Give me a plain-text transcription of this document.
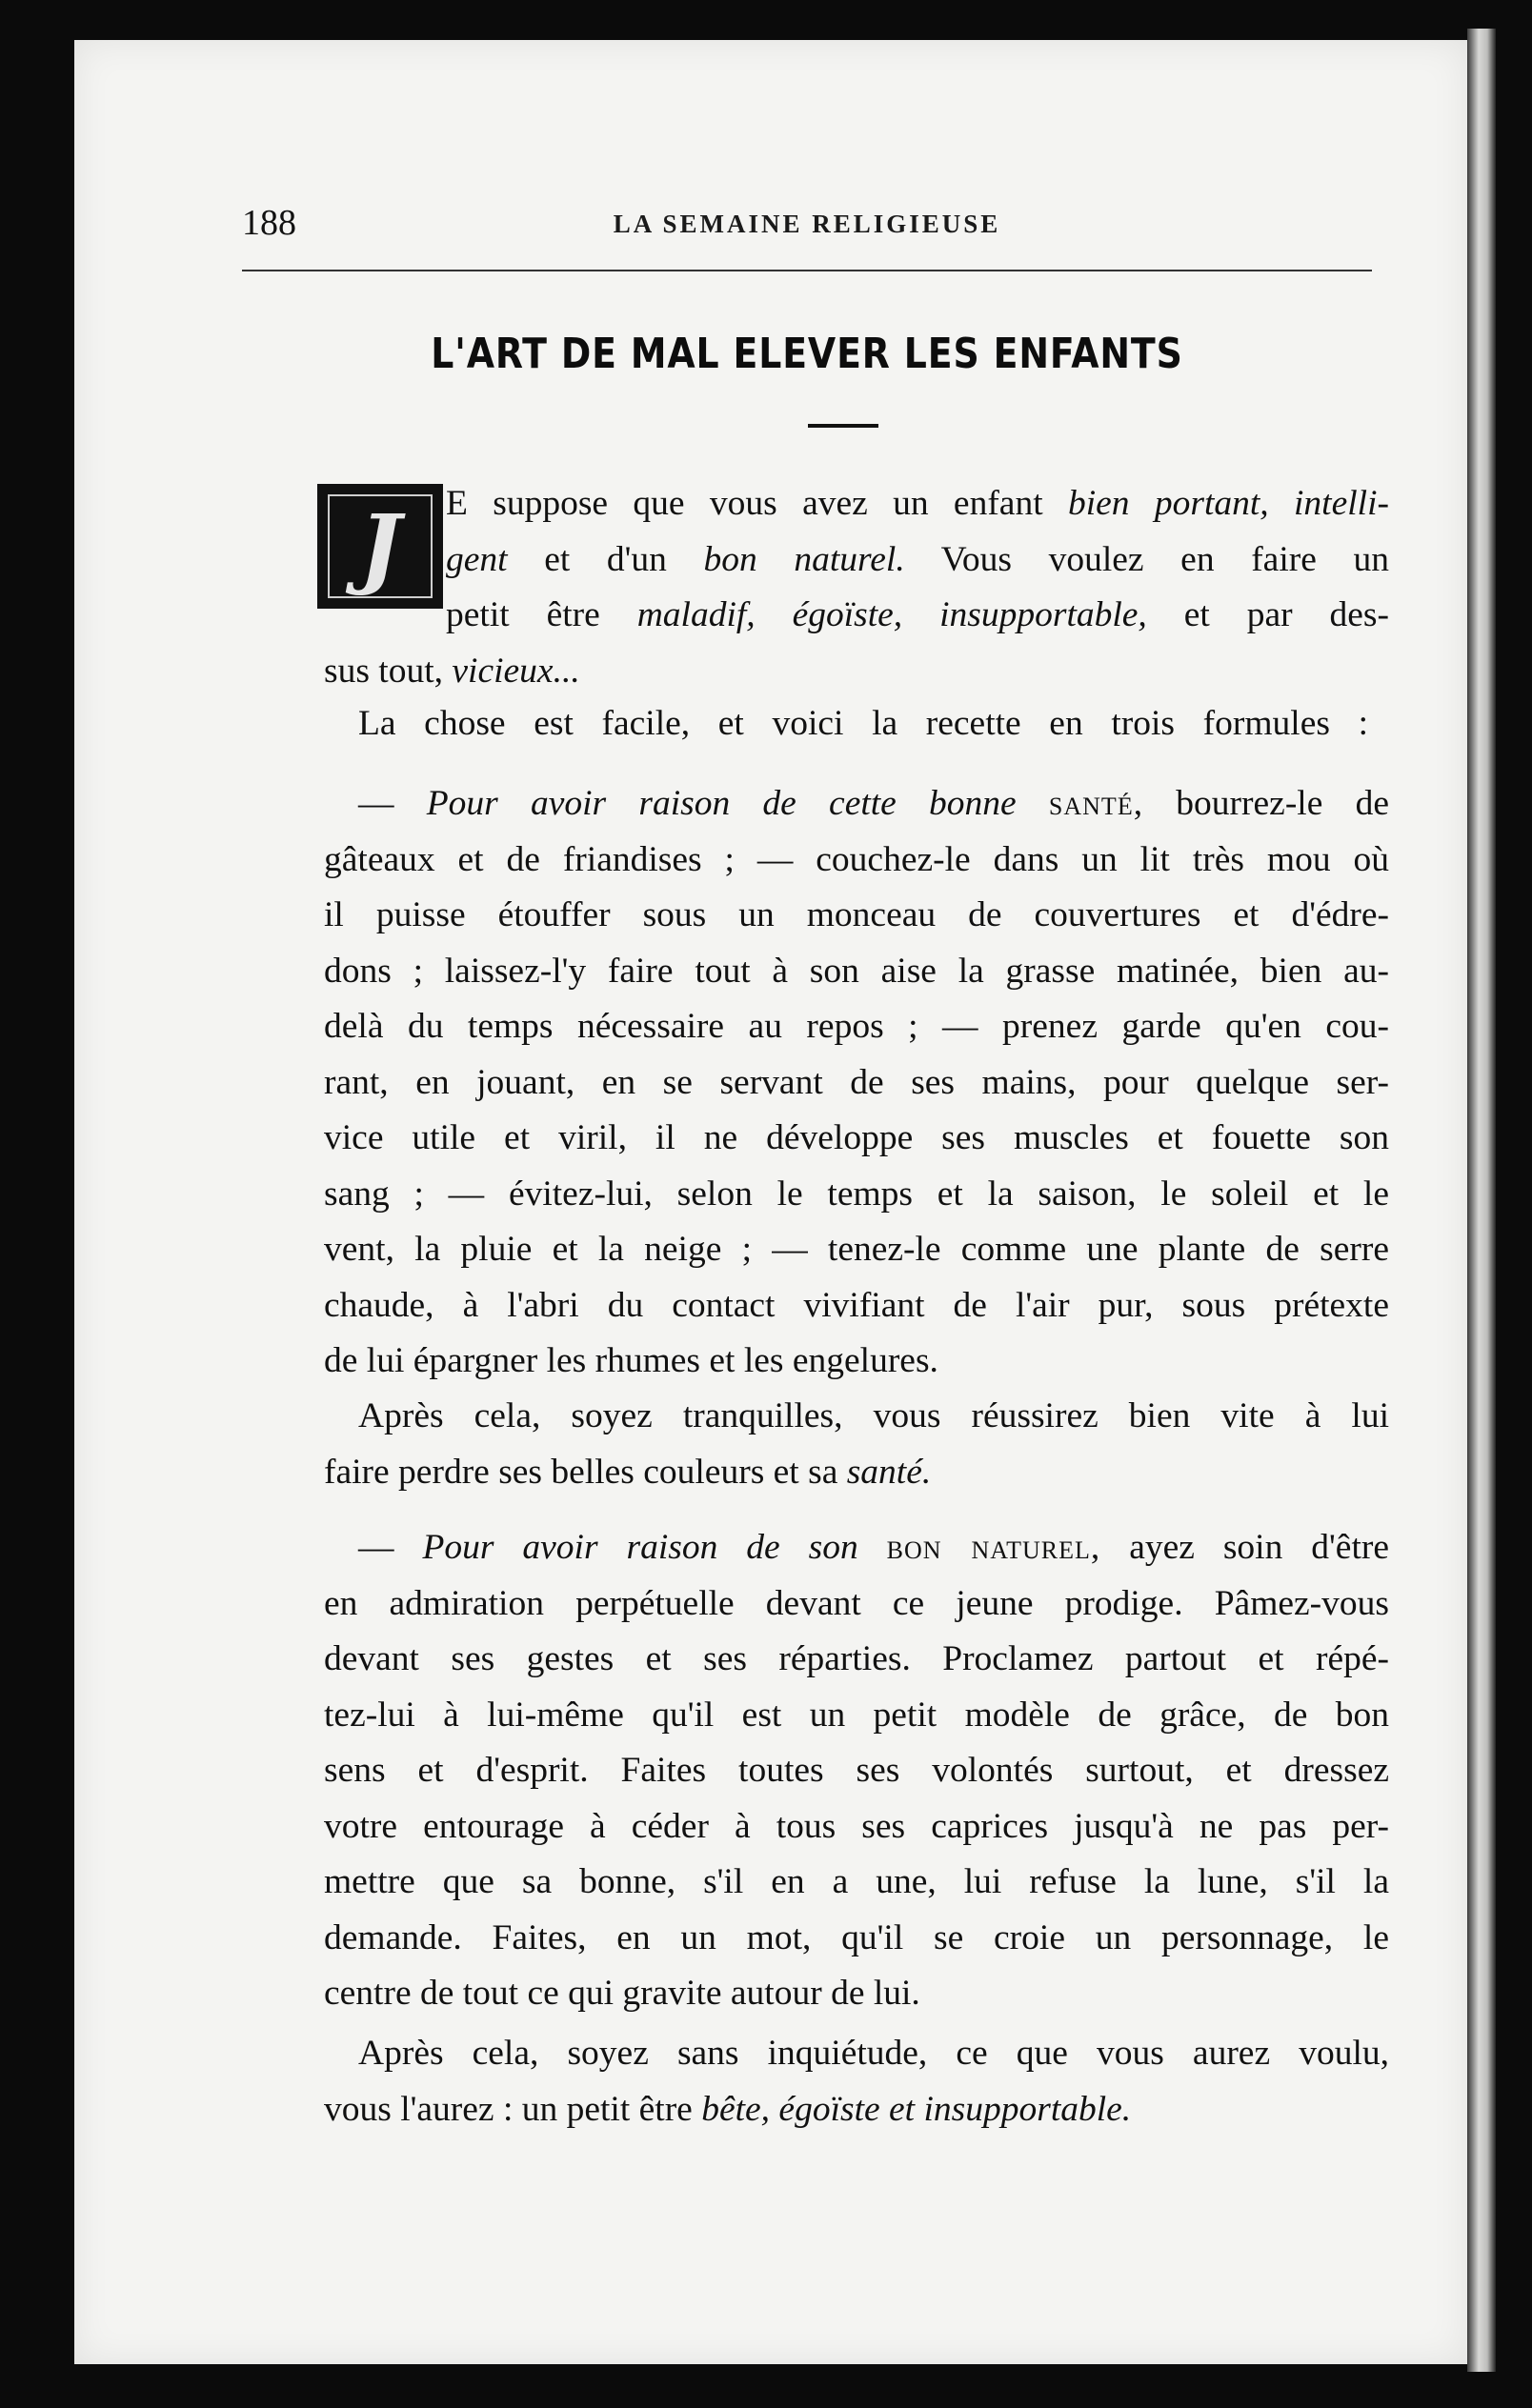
188	LA SEMAINE RELIGIEUSE
L'ART DE MAL ELEVER LES ENFANTS
J E suppose que vous avez un enfant bien portant, intelli-
gent et d'un bon naturel. Vous voulez en faire un
petit être maladif, égoïste, insupportable, et par des-
sus tout, vicieux...
La chose est facile, et voici la recette en trois formules :
— Pour avoir raison de cette bonne santé, bourrez-le de
gâteaux et de friandises ; — couchez-le dans un lit très mou où
il puisse étouffer sous un monceau de couvertures et d'édre-
dons ; laissez-l'y faire tout à son aise la grasse matinée, bien au-
delà du temps nécessaire au repos ; — prenez garde qu'en cou-
rant, en jouant, en se servant de ses mains, pour quelque ser-
vice utile et viril, il ne développe ses muscles et fouette son
sang ; — évitez-lui, selon le temps et la saison, le soleil et le
vent, la pluie et la neige ; — tenez-le comme une plante de serre
chaude, à l'abri du contact vivifiant de l'air pur, sous prétexte
de lui épargner les rhumes et les engelures.
Après cela, soyez tranquilles, vous réussirez bien vite à lui
faire perdre ses belles couleurs et sa santé.
— Pour avoir raison de son bon naturel, ayez soin d'être
en admiration perpétuelle devant ce jeune prodige. Pâmez-vous
devant ses gestes et ses réparties. Proclamez partout et répé-
tez-lui à lui-même qu'il est un petit modèle de grâce, de bon
sens et d'esprit. Faites toutes ses volontés surtout, et dressez
votre entourage à céder à tous ses caprices jusqu'à ne pas per-
mettre que sa bonne, s'il en a une, lui refuse la lune, s'il la
demande. Faites, en un mot, qu'il se croie un personnage, le
centre de tout ce qui gravite autour de lui.
Après cela, soyez sans inquiétude, ce que vous aurez voulu,
vous l'aurez : un petit être bête, égoïste et insupportable.
